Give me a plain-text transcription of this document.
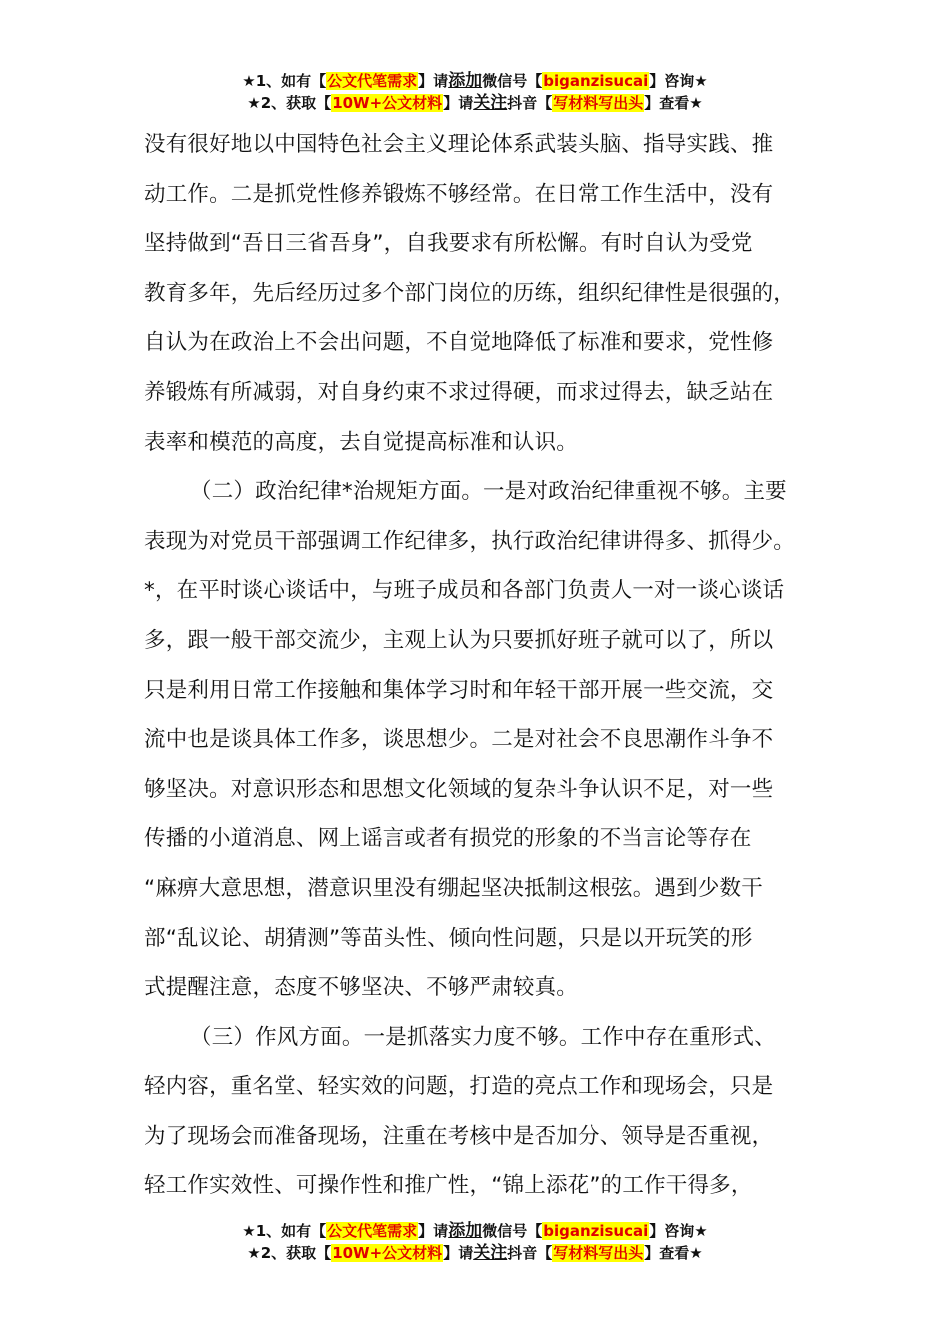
★1、如有【公文代笔需求】请添加微信号【biganzisucai】咨询★
★2、获取【10W+公文材料】请关注抖音【写材料写出头】查看★
没有很好地以中国特色社会主义理论体系武装头脑、指导实践、推
动工作。二是抓党性修养锻炼不够经常。在日常工作生活中，没有
坚持做到“吾日三省吾身”，自我要求有所松懈。有时自认为受党
教育多年，先后经历过多个部门岗位的历练，组织纪律性是很强的，
自认为在政治上不会出问题，不自觉地降低了标准和要求，党性修
养锻炼有所减弱，对自身约束不求过得硬，而求过得去，缺乏站在
表率和模范的高度，去自觉提高标准和认识。
（二）政治纪律*治规矩方面。一是对政治纪律重视不够。主要
表现为对党员干部强调工作纪律多，执行政治纪律讲得多、抓得少。
*，在平时谈心谈话中，与班子成员和各部门负责人一对一谈心谈话
多，跟一般干部交流少，主观上认为只要抓好班子就可以了，所以
只是利用日常工作接触和集体学习时和年轻干部开展一些交流，交
流中也是谈具体工作多，谈思想少。二是对社会不良思潮作斗争不
够坚决。对意识形态和思想文化领域的复杂斗争认识不足，对一些
传播的小道消息、网上谣言或者有损党的形象的不当言论等存在
“麻痹大意思想，潜意识里没有绷起坚决抵制这根弦。遇到少数干
部“乱议论、胡猜测”等苗头性、倾向性问题，只是以开玩笑的形
式提醒注意，态度不够坚决、不够严肃较真。
（三）作风方面。一是抓落实力度不够。工作中存在重形式、
轻内容，重名堂、轻实效的问题，打造的亮点工作和现场会，只是
为了现场会而准备现场，注重在考核中是否加分、领导是否重视，
轻工作实效性、可操作性和推广性，“锦上添花”的工作干得多，
★1、如有【公文代笔需求】请添加微信号【biganzisucai】咨询★
★2、获取【10W+公文材料】请关注抖音【写材料写出头】查看★
